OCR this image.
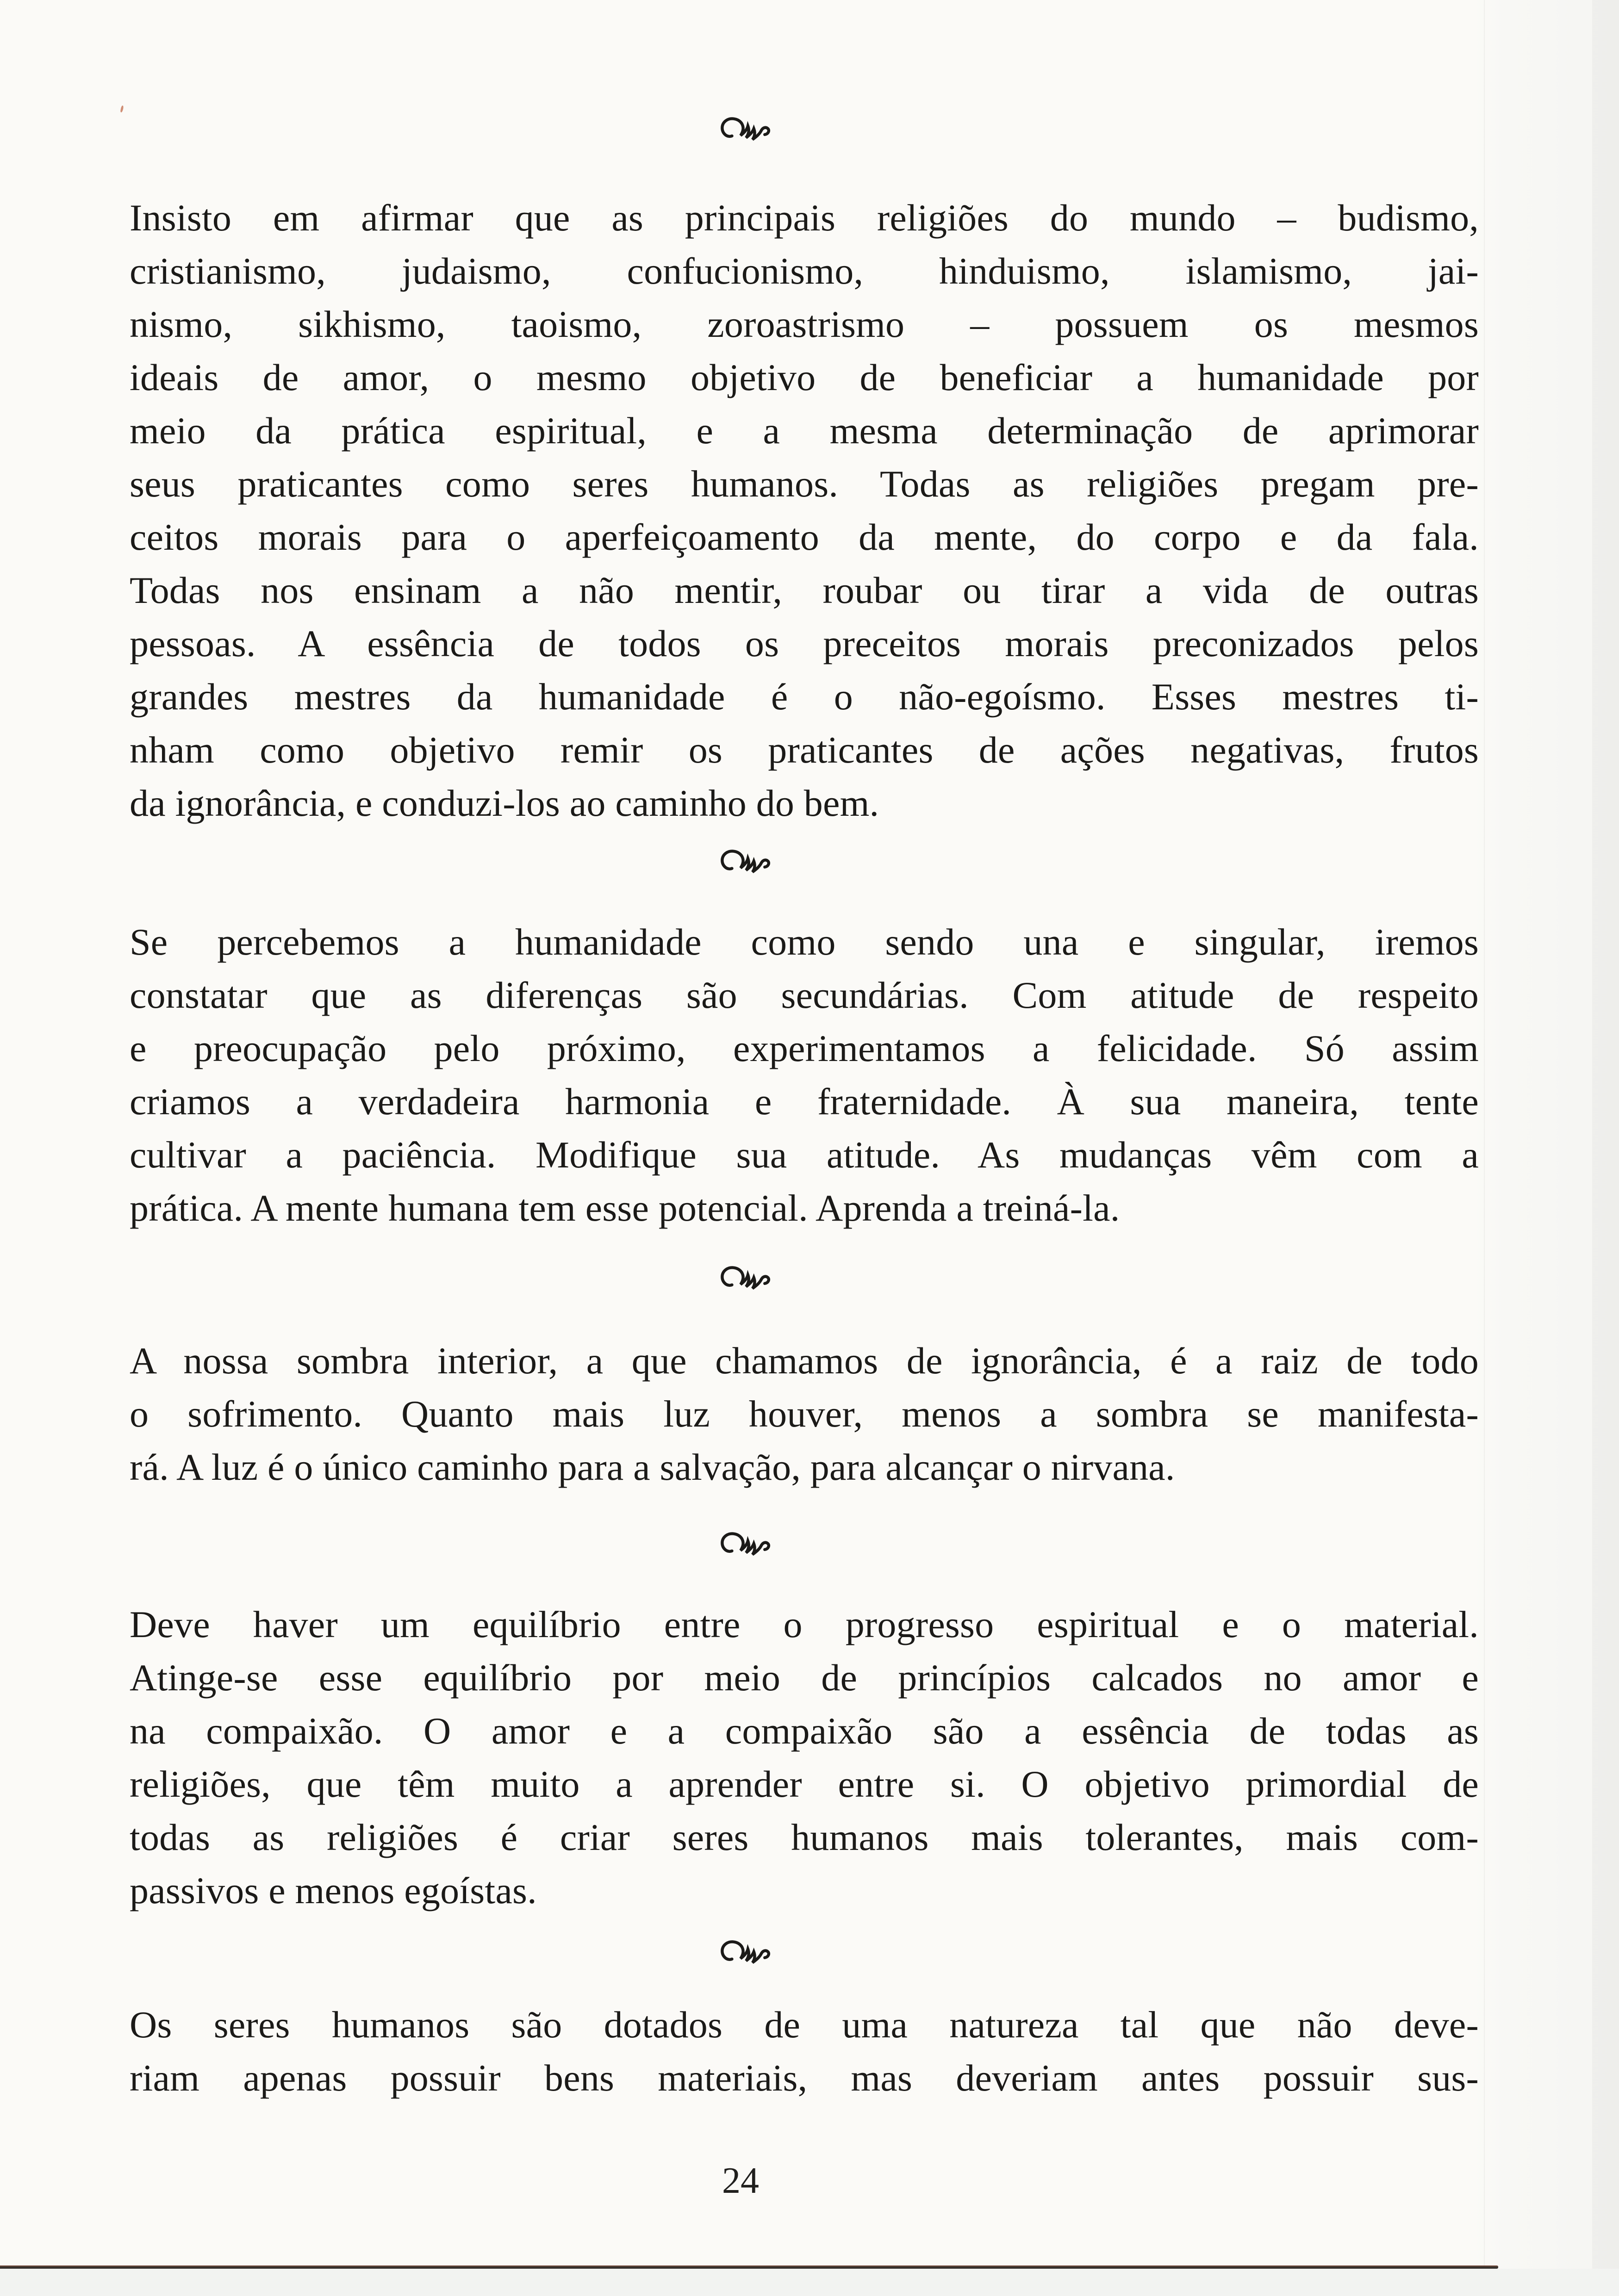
Insisto em afirmar que as principais religiões do mundo – budismo,
cristianismo, judaismo, confucionismo, hinduismo, islamismo, jai-
nismo, sikhismo, taoismo, zoroastrismo – possuem os mesmos
ideais de amor, o mesmo objetivo de beneficiar a humanidade por
meio da prática espiritual, e a mesma determinação de aprimorar
seus praticantes como seres humanos. Todas as religiões pregam pre-
ceitos morais para o aperfeiçoamento da mente, do corpo e da fala.
Todas nos ensinam a não mentir, roubar ou tirar a vida de outras
pessoas. A essência de todos os preceitos morais preconizados pelos
grandes mestres da humanidade é o não-egoísmo. Esses mestres ti-
nham como objetivo remir os praticantes de ações negativas, frutos
da ignorância, e conduzi-los ao caminho do bem.
Se percebemos a humanidade como sendo una e singular, iremos
constatar que as diferenças são secundárias. Com atitude de respeito
e preocupação pelo próximo, experimentamos a felicidade. Só assim
criamos a verdadeira harmonia e fraternidade. À sua maneira, tente
cultivar a paciência. Modifique sua atitude. As mudanças vêm com a
prática. A mente humana tem esse potencial. Aprenda a treiná-la.
A nossa sombra interior, a que chamamos de ignorância, é a raiz de todo
o sofrimento. Quanto mais luz houver, menos a sombra se manifesta-
rá. A luz é o único caminho para a salvação, para alcançar o nirvana.
Deve haver um equilíbrio entre o progresso espiritual e o material.
Atinge-se esse equilíbrio por meio de princípios calcados no amor e
na compaixão. O amor e a compaixão são a essência de todas as
religiões, que têm muito a aprender entre si. O objetivo primordial de
todas as religiões é criar seres humanos mais tolerantes, mais com-
passivos e menos egoístas.
Os seres humanos são dotados de uma natureza tal que não deve-
riam apenas possuir bens materiais, mas deveriam antes possuir sus-
24
